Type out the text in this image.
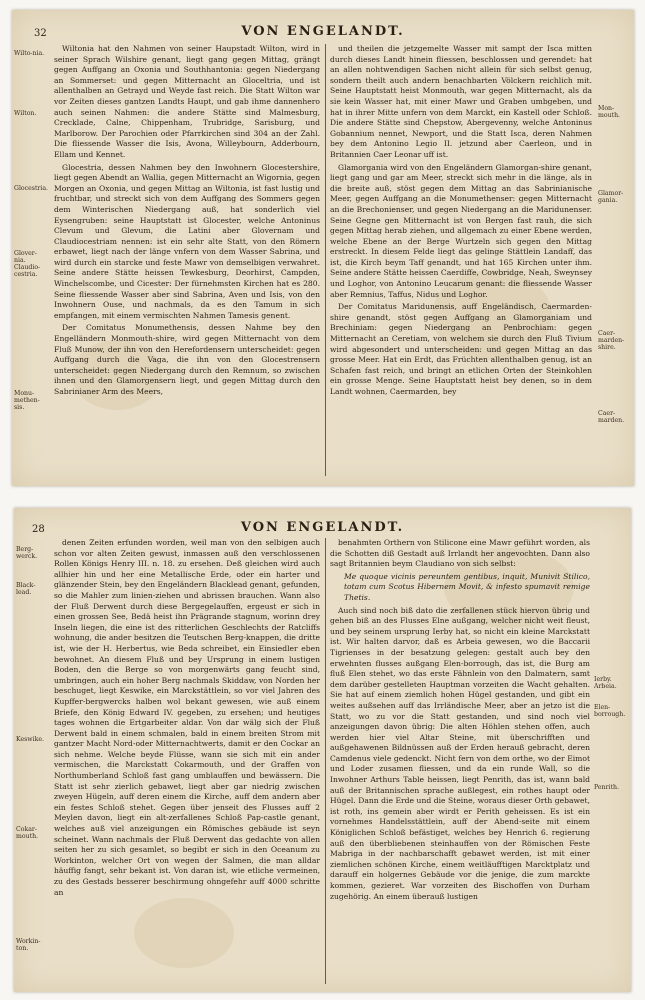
32	VON ENGELANDT.
Wilto-nia.
Wilton.
Glocestria.
Glover-nia. Claudio-cestria.
Monu-methen-sis.

Wiltonia hat den Nahmen von seiner Haupstadt Wilton, wird in seiner Sprach Wilshire genant, liegt gang gegen Mittag, grängt gegen Auffgang an Oxonia und Southhantonia: gegen Niedergang an Sommerset: und gegen Mitternacht an Gloceltria, und ist allenthalben an Getrayd und Weyde fast reich. Die Statt Wilton war vor Zeiten dieses gantzen Landts Haupt, und gab ihme dannenhero auch seinen Nahmen: die andere Stätte sind Malmesburg, Crecklade, Calne, Chippenham, Trubridge, Sarisburg, und Marlborow. Der Parochien oder Pfarrkirchen sind 304 an der Zahl. Die fliessende Wasser die Isis, Avona, Willeybourn, Adderbourn, Ellam und Kennet.

Glocestria, dessen Nahmen bey den Inwohnern Glocestershire, liegt gegen Abendt an Wallia, gegen Mitternacht an Wigornia, gegen Morgen an Oxonia, und gegen Mittag an Wiltonia, ist fast lustig und fruchtbar, und streckt sich von dem Auffgang des Sommers gegen dem Winterischen Niedergang auß, hat sonderlich viel Eysengruben: seine Hauptstatt ist Glocester, welche Antoninus Clevum und Glevum, die Latini aber Glovernam und Claudiocestriam nennen: ist ein sehr alte Statt, von den Römern erbawet, liegt nach der länge vnfern von dem Wasser Sabrina, und wird durch ein starcke und feste Mawr von demselbigen verwahret. Seine andere Stätte heissen Tewkesburg, Deorhirst, Campden, Winchelscombe, und Cicester: Der fürnehmsten Kirchen hat es 280. Seine fliessende Wasser aber sind Sabrina, Aven und Isis, von den Inwohnern Ouse, und nachmals, da es den Tamum in sich empfangen, mit einem vermischten Nahmen Tamesis genent.

Der Comitatus Monumethensis, dessen Nahme bey den Engelländern Monmouth-shire, wird gegen Mitternacht von dem Fluß Munow, der ihn von den Herefordensern unterscheidet: gegen Auffgang durch die Vaga, die ihn von den Glocestrensern unterscheidet: gegen Niedergang durch den Remnum, so zwischen ihnen und den Glamorgensern liegt, und gegen Mittag durch den Sabrinianer Arm des Meers,

und theilen die jetzgemelte Wasser mit sampt der Isca mitten durch dieses Landt hinein fliessen, beschlossen und gerendet: hat an allen nohtwendigen Sachen nicht allein für sich selbst genug, sondern theilt auch andern benachbarten Völckern reichlich mit. Seine Hauptstatt heist Monmouth, war gegen Mitternacht, als da sie kein Wasser hat, mit einer Mawr und Graben umbgeben, und hat in ihrer Mitte unfern von dem Marckt, ein Kastell oder Schloß. Die andere Stätte sind Chepstow, Abergevenny, welche Antoninus Gobannium nennet, Newport, und die Statt Isca, deren Nahmen bey dem Antonino Legio II. jetzund aber Caerleon, und in Britannien Caer Leonar uff ist.

Glamorgania wird von den Engeländern Glamorgan-shire genant, liegt gang und gar am Meer, streckt sich mehr in die länge, als in die breite auß, stöst gegen dem Mittag an das Sabrinianische Meer, gegen Auffgang an die Monumethenser: gegen Mitternacht an die Brechonienser, und gegen Niedergang an die Maridunenser. Seine Gegne gen Mitternacht ist von Bergen fast rauh, die sich gegen Mittag herab ziehen, und allgemach zu einer Ebene werden, welche Ebene an der Berge Wurtzeln sich gegen den Mittag erstreckt. In diesem Felde liegt das gelinge Stättlein Landaff, das ist, die Kirch beym Taff genandt, und hat 165 Kirchen unter ihm. Seine andere Stätte heissen Caerdiffe, Cowbridge, Neah, Sweynsey und Loghor, von Antonino Leucarum genant: die fliessende Wasser aber Remnius, Taffus, Nidus und Loghor.

Der Comitatus Maridunensis, auff Engeländisch, Caermarden-shire genandt, stöst gegen Auffgang an Glamorganiam und Brechiniam: gegen Niedergang an Penbrochiam: gegen Mitternacht an Ceretiam, von welchem sie durch den Fluß Tivium wird abgesondert und unterscheiden: und gegen Mittag an das grosse Meer. Hat ein Erdt, das Früchten allenthalben genug, ist an Schafen fast reich, und bringt an etlichen Orten der Steinkohlen ein grosse Menge. Seine Hauptstatt heist bey denen, so in dem Landt wohnen, Caermarden, bey

Mon-mouth.
Glamor-gania.
Caer-marden-shire.
Caer-marden.
28	VON ENGELANDT.
Berg-werck.
Black-lead.
Keswike.
Cokar-mouth.
Workin-ton.

denen Zeiten erfunden worden, weil man von den selbigen auch schon vor alten Zeiten gewust, inmassen auß den verschlossenen Rollen Königs Henry III. n. 18. zu ersehen. Deß gleichen wird auch allhier hin und her eine Metallische Erde, oder ein harter und glänzender Stein, bey den Engeländern Blacklead genant, gefunden, so die Mahler zum linien-ziehen und abrissen brauchen. Wann also der Fluß Derwent durch diese Bergegelauffen, ergeust er sich in einen grossen See, Bedä heist ihn Prägrande stagnum, worinn drey Inseln liegen, die eine ist des ritterlichen Geschlechts der Ratcliffs wohnung, die ander besitzen die Teutschen Berg-knappen, die dritte ist, wie der H. Herbertus, wie Beda schreibet, ein Einsiedler eben bewohnet. An diesem Fluß und bey Ursprung in einem lustigen Boden, den die Berge so von morgenwärts gang feucht sind, umbringen, auch ein hoher Berg nachmals Skiddaw, von Norden her beschuget, liegt Keswike, ein Marckstättlein, so vor viel Jahren des Kupffer-bergwercks halben wol bekant gewesen, wie auß einem Briefe, den König Edward IV. gegeben, zu ersehen; und heutiges tages wohnen die Ertgarbeiter aldar. Von dar wälg sich der Fluß Derwent bald in einem schmalen, bald in einem breiten Strom mit gantzer Macht Nord-oder Mitternachtwerts, damit er den Cockar an sich nehme. Welche beyde Flüsse, wann sie sich mit ein ander vermischen, die Marckstatt Cokarmouth, und der Graffen von Northumberland Schloß fast gang umblauffen und bewässern. Die Statt ist sehr zierlich gebawet, liegt aber gar niedrig zwischen zweyen Hügeln, auff deren einem die Kirche, auff dem andern aber ein festes Schloß stehet. Gegen über jenseit des Flusses auff 2 Meylen davon, liegt ein alt-zerfallenes Schloß Pap-castle genant, welches auß viel anzeigungen ein Römisches gebäude ist seyn scheinet. Wann nachmals der Fluß Derwent das gedachte von allen seiten her zu sich gesamlet, so begibt er sich in den Oceanum zu Workinton, welcher Ort von wegen der Salmen, die man alldar häuffig fangt, sehr bekant ist. Von daran ist, wie etliche vermeinen, zu des Gestads besserer beschirmung ohngefehr auff 4000 schritte an

benahmten Orthern von Stilicone eine Mawr geführt worden, als die Schotten diß Gestadt auß Irrlandt her angevochten. Dann also sagt Britannien beym Claudiano von sich selbst:

Me quoque vicinis pereuntem gentibus, inquit, Munivit Stilico, totam cum Scotus Hibernem Movit, & infesto spumavit remige Thetis.

Auch sind noch biß dato die zerfallenen stück hiervon übrig und gehen biß an des Flusses Elne außgang, welcher nicht weit fleust, und bey seinem ursprung Ierby hat, so nicht ein kleine Marckstatt ist. Wir halten darvor, daß es Arbeia gewesen, wo die Baccarii Tigrienses in der besatzung gelegen: gestalt auch bey den erwehnten flusses außgang Elen-borrough, das ist, die Burg am fluß Elen stehet, wo das erste Fähnlein von den Dalmatern, samt dem darüber gestelleten Hauptman vorzeiten die Wacht gehalten. Sie hat auf einem ziemlich hohen Hügel gestanden, und gibt ein weites außsehen auff das Irrländische Meer, aber an jetzo ist die Statt, wo zu vor die Statt gestanden, und sind noch viel anzeigungen davon übrig: Die alten Höhlen stehen offen, auch werden hier viel Altar Steine, mit überschrifften und außgehawenen Bildnüssen auß der Erden herauß gebracht, deren Camdenus viele gedenckt. Nicht fern von dem orthe, wo der Eimot und Loder zusamen fliessen, und da ein runde Wall, so die Inwohner Arthurs Table heissen, liegt Penrith, das ist, wann bald auß der Britannischen sprache außlegest, ein rothes haupt oder Hügel. Dann die Erde und die Steine, woraus dieser Orth gebawet, ist roth, ins gemein aber wirdt er Perith geheissen. Es ist ein vornehmes Handelsstättlein, auff der Abend-seite mit einem Königlichen Schloß befästiget, welches bey Henrich 6. regierung auß den überbliebenen steinhauffen von der Römischen Feste Mabriga in der nachbarschafft gebawet werden, ist mit einer ziemlichen schönen Kirche, einem weitläufftigen Marcktplatz und darauff ein holgernes Gebäude vor die jenige, die zum marckte kommen, gezieret. War vorzeiten des Bischoffen von Durham zugehörig. An einem überauß lustigen

Ierby. Arbeia.
Elen-borrough.
Penrith.
